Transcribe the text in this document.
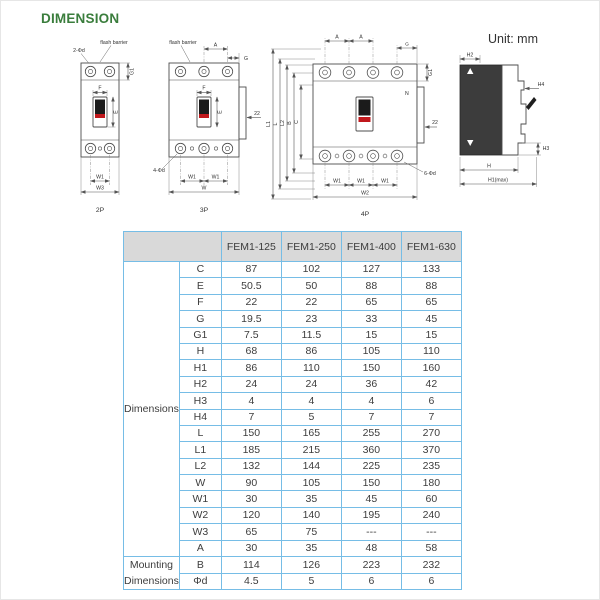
DIMENSION
Unit: mm
flash barrier
2-Φd
G1
F
E
W1
W3
2P
flash barrier	A
G
F
E	22
4-Φd
W1	W1
W
3P
L1 L L2 B C
N
A	A
G
G1
22
6-Φd
W1	W1	W1
W2
4P
H2
H4
H3
H
H1(max)
		FEM1-125	FEM1-250	FEM1-400	FEM1-630
Dimensions	C	87	102	127	133
	E	50.5	50	88	88
	F	22	22	65	65
	G	19.5	23	33	45
	G1	7.5	11.5	15	15
	H	68	86	105	110
	H1	86	110	150	160
	H2	24	24	36	42
	H3	4	4	4	6
	H4	7	5	7	7
	L	150	165	255	270
	L1	185	215	360	370
	L2	132	144	225	235
	W	90	105	150	180
	W1	30	35	45	60
	W2	120	140	195	240
	W3	65	75	---	---
	A	30	35	48	58
Mounting
Dimensions	B	114	126	223	232
	Φd	4.5	5	6	6
